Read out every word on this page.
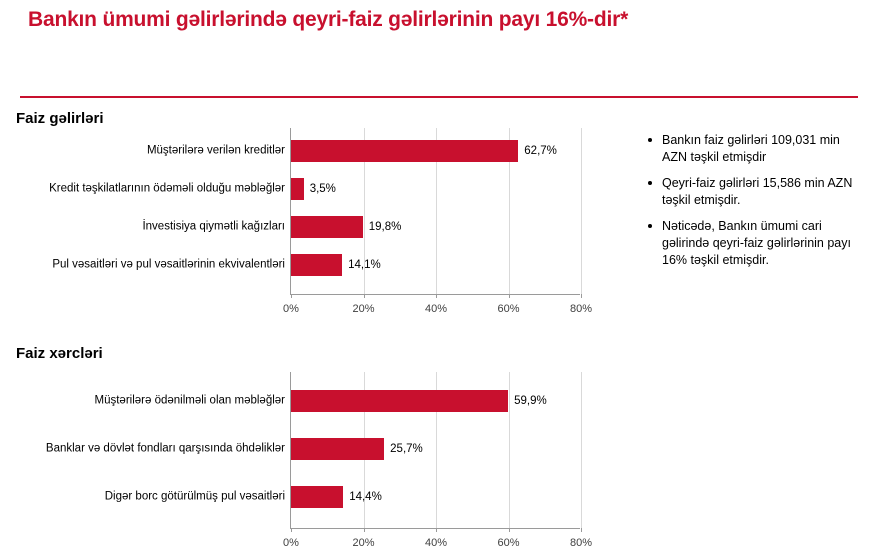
Bankın ümumi gəlirlərində qeyri-faiz gəlirlərinin payı 16%-dir*
Faiz gəlirləri
Faiz xərcləri
0%	20%	40%	60%	80%
Müştərilərə verilən kreditlər	62,7%
Kredit təşkilatlarının ödəməli olduğu məbləğlər 3,5%
İnvestisiya qiymətli kağızları	19,8%
Pul vəsaitləri və pul vəsaitlərinin ekvivalentləri	14,1%
0%	20%	40%	60%	80%
Müştərilərə ödənilməli olan məbləğlər	59,9%
Banklar və dövlət fondları qarşısında öhdəliklər	25,7%
Digər borc götürülmüş pul vəsaitləri	14,4%
Bankın faiz gəlirləri 109,031 min AZN təşkil etmişdir
Qeyri-faiz gəlirləri 15,586 min AZN təşkil etmişdir.
Nəticədə, Bankın ümumi cari gəlirində qeyri-faiz gəlirlərinin payı 16% təşkil etmişdir.
